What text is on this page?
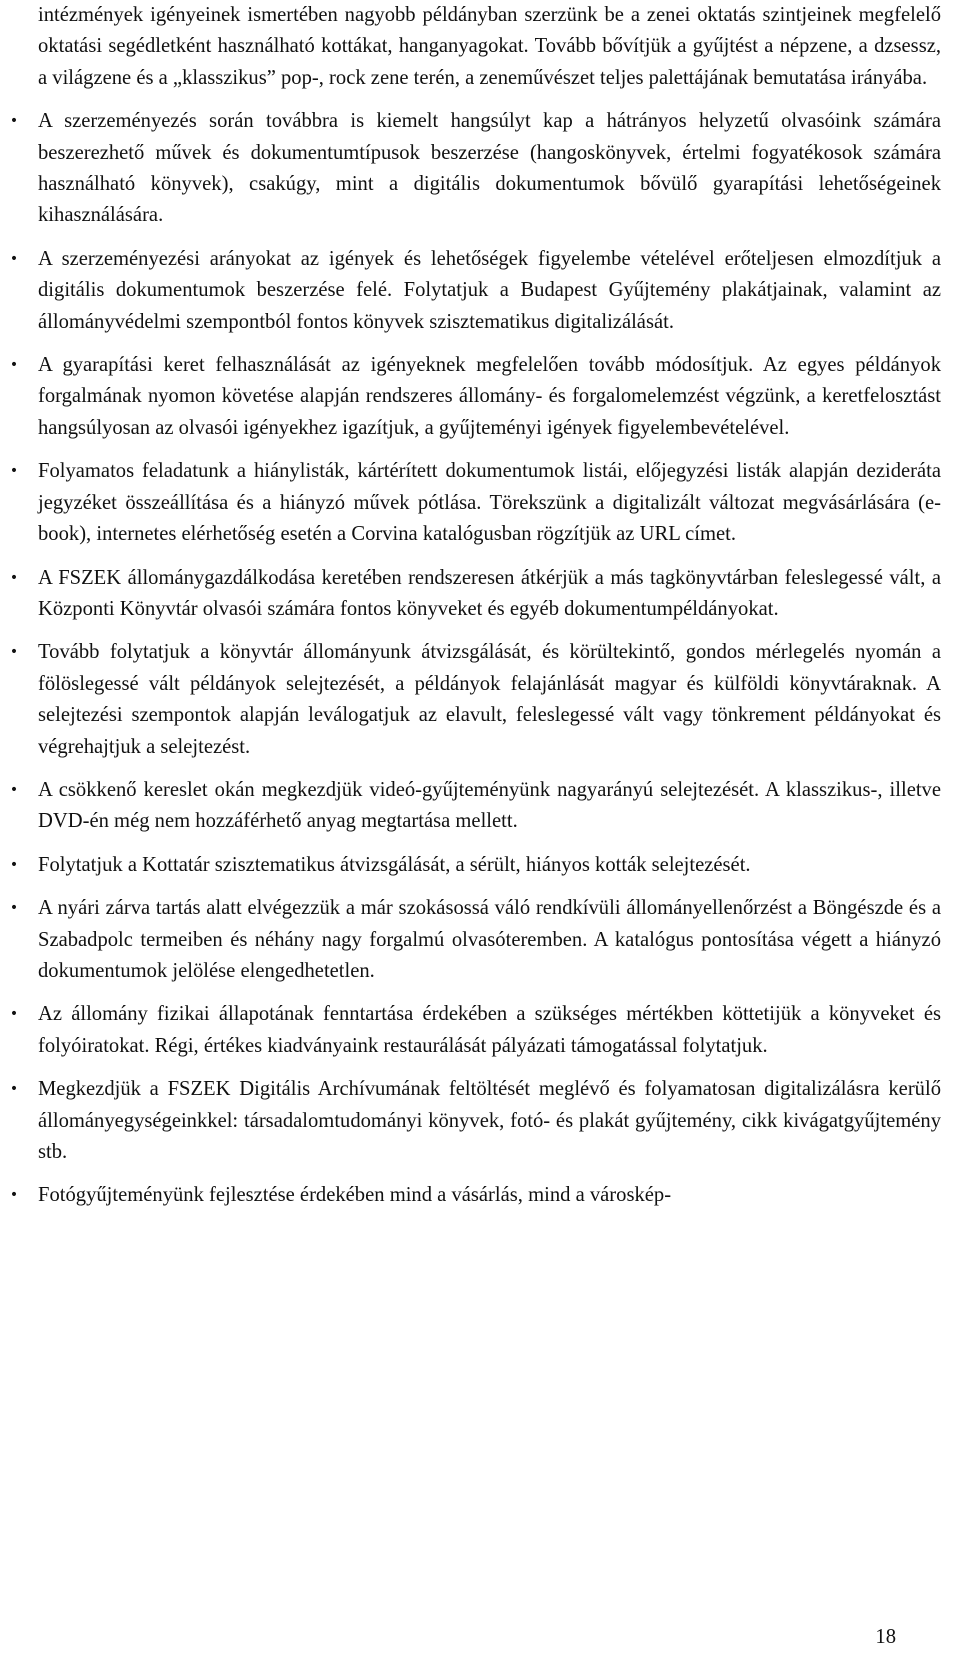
intézmények igényeinek ismertében nagyobb példányban szerzünk be a zenei oktatás szintjeinek megfelelő oktatási segédletként használható kottákat, hanganyagokat. Tovább bővítjük a gyűjtést a népzene, a dzsessz, a világzene és a „klasszikus” pop-, rock zene terén, a zeneművészet teljes palettájának bemutatása irányába.

• A szerzeményezés során továbbra is kiemelt hangsúlyt kap a hátrányos helyzetű olvasóink számára beszerezhető művek és dokumentumtípusok beszerzése (hangoskönyvek, értelmi fogyatékosok számára használható könyvek), csakúgy, mint a digitális dokumentumok bővülő gyarapítási lehetőségeinek kihasználására.
• A szerzeményezési arányokat az igények és lehetőségek figyelembe vételével erőteljesen elmozdítjuk a digitális dokumentumok beszerzése felé. Folytatjuk a Budapest Gyűjtemény plakátjainak, valamint az állományvédelmi szempontból fontos könyvek szisztematikus digitalizálását.
• A gyarapítási keret felhasználását az igényeknek megfelelően tovább módosítjuk. Az egyes példányok forgalmának nyomon követése alapján rendszeres állomány- és forgalomelemzést végzünk, a keretfelosztást hangsúlyosan az olvasói igényekhez igazítjuk, a gyűjteményi igények figyelembevételével.
• Folyamatos feladatunk a hiánylisták, kártérített dokumentumok listái, előjegyzési listák alapján dezideráta jegyzéket összeállítása és a hiányzó művek pótlása. Törekszünk a digitalizált változat megvásárlására (e-book), internetes elérhetőség esetén a Corvina katalógusban rögzítjük az URL címet.
• A FSZEK állománygazdálkodása keretében rendszeresen átkérjük a más tagkönyvtárban feleslegessé vált, a Központi Könyvtár olvasói számára fontos könyveket és egyéb dokumentumpéldányokat.
• Tovább folytatjuk a könyvtár állományunk átvizsgálását, és körültekintő, gondos mérlegelés nyomán a fölöslegessé vált példányok selejtezését, a példányok felajánlását magyar és külföldi könyvtáraknak. A selejtezési szempontok alapján leválogatjuk az elavult, feleslegessé vált vagy tönkrement példányokat és végrehajtjuk a selejtezést.
• A csökkenő kereslet okán megkezdjük videó-gyűjteményünk nagyarányú selejtezését. A klasszikus-, illetve DVD-én még nem hozzáférhető anyag megtartása mellett.
• Folytatjuk a Kottatár szisztematikus átvizsgálását, a sérült, hiányos kották selejtezését.
• A nyári zárva tartás alatt elvégezzük a már szokásossá váló rendkívüli állományellenőrzést a Böngészde és a Szabadpolc termeiben és néhány nagy forgalmú olvasóteremben. A katalógus pontosítása végett a hiányzó dokumentumok jelölése elengedhetetlen.
• Az állomány fizikai állapotának fenntartása érdekében a szükséges mértékben köttetijük a könyveket és folyóiratokat. Régi, értékes kiadványaink restaurálását pályázati támogatással folytatjuk.
• Megkezdjük a FSZEK Digitális Archívumának feltöltését meglévő és folyamatosan digitalizálásra kerülő állományegységeinkkel: társadalomtudományi könyvek, fotó- és plakát gyűjtemény, cikk kivágatgyűjtemény stb.
• Fotógyűjteményünk fejlesztése érdekében mind a vásárlás, mind a városkép-
18
